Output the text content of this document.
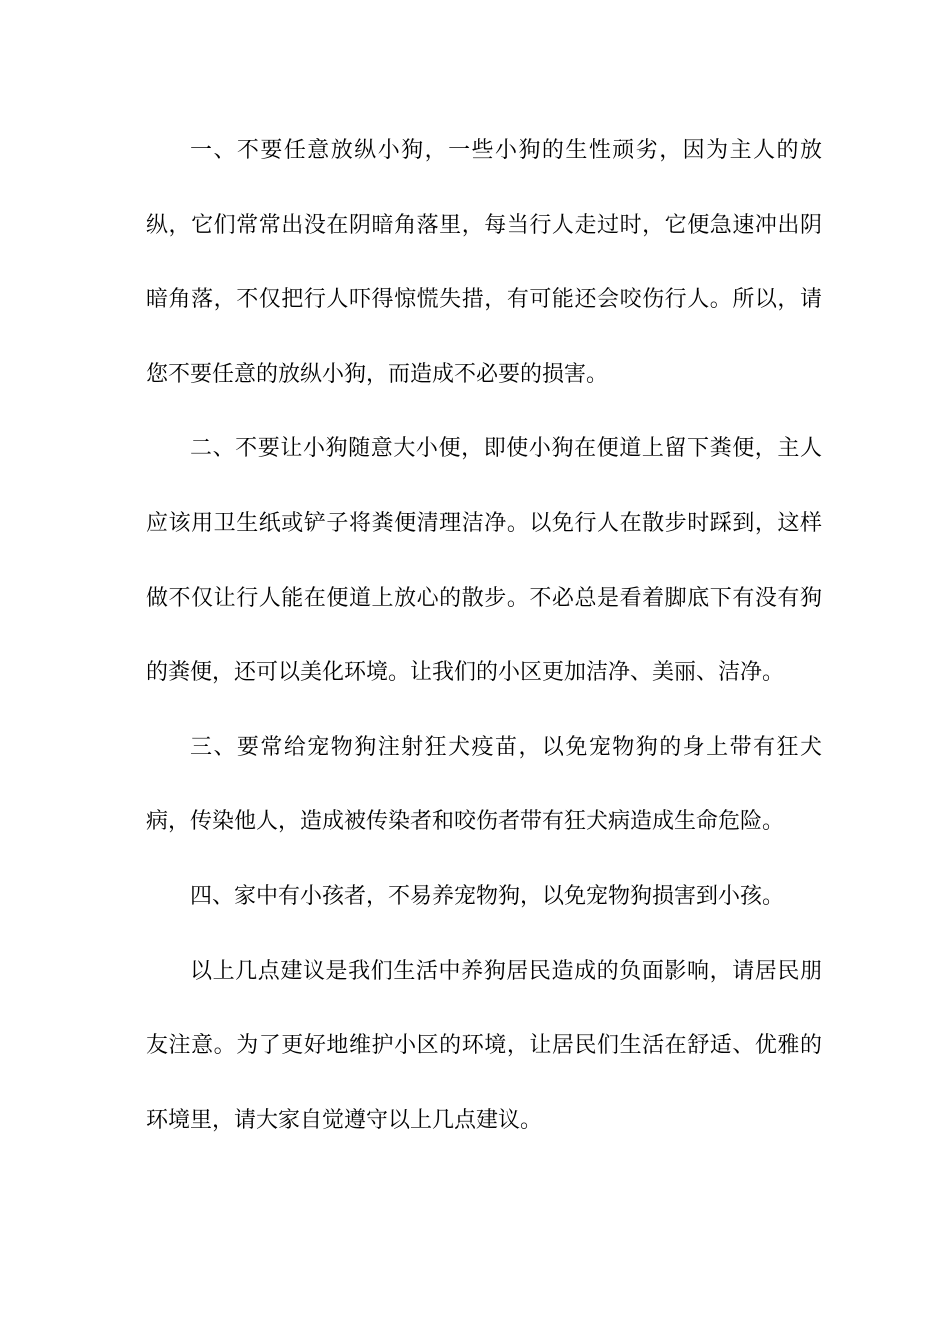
一、不要任意放纵小狗，一些小狗的生性顽劣，因为主人的放纵，它们常常出没在阴暗角落里，每当行人走过时，它便急速冲出阴暗角落，不仅把行人吓得惊慌失措，有可能还会咬伤行人。所以，请您不要任意的放纵小狗，而造成不必要的损害。

二、不要让小狗随意大小便，即使小狗在便道上留下粪便，主人应该用卫生纸或铲子将粪便清理洁净。以免行人在散步时踩到，这样做不仅让行人能在便道上放心的散步。不必总是看着脚底下有没有狗的粪便，还可以美化环境。让我们的小区更加洁净、美丽、洁净。

三、要常给宠物狗注射狂犬疫苗，以免宠物狗的身上带有狂犬病，传染他人，造成被传染者和咬伤者带有狂犬病造成生命危险。

四、家中有小孩者，不易养宠物狗，以免宠物狗损害到小孩。

以上几点建议是我们生活中养狗居民造成的负面影响，请居民朋友注意。为了更好地维护小区的环境，让居民们生活在舒适、优雅的环境里，请大家自觉遵守以上几点建议。
